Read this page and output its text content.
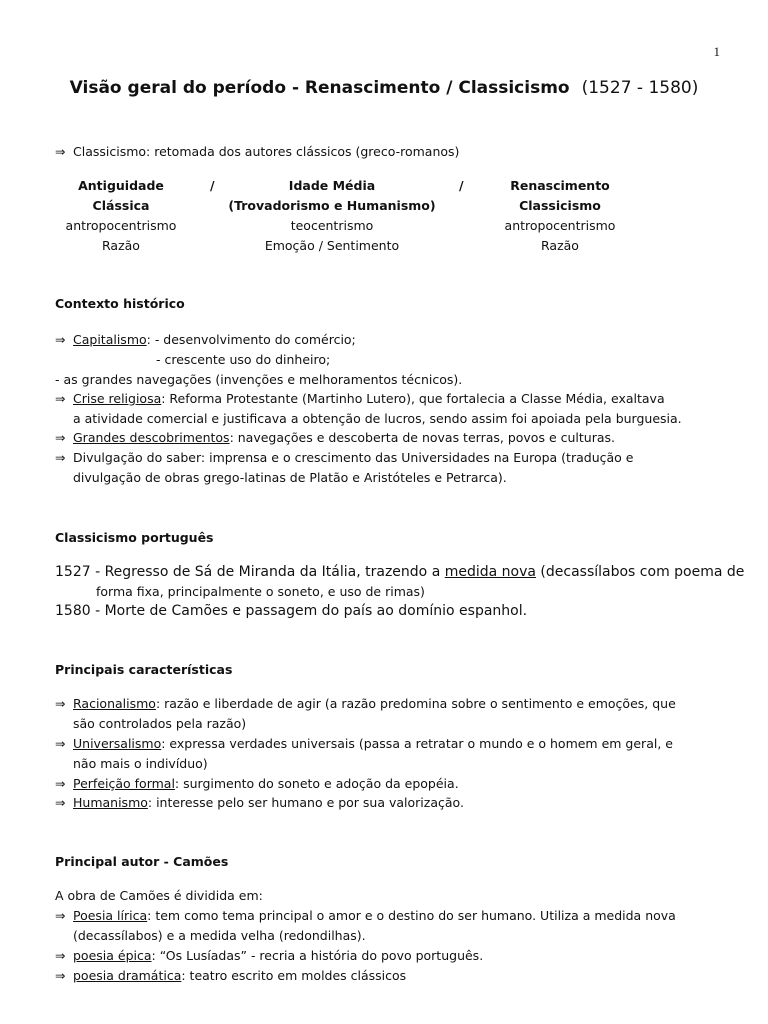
1
Visão geral do período - Renascimento / Classicismo (1527 - 1580)
⇒ Classicismo: retomada dos autores clássicos (greco-romanos)
Antiguidade
Clássica
antropocentrismo
Razão
/	Idade Média
(Trovadorismo e Humanismo)
teocentrismo
Emoção / Sentimento
/	Renascimento
Classicismo
antropocentrismo
Razão
Contexto histórico
⇒ Capitalismo: - desenvolvimento do comércio;
- crescente uso do dinheiro;
- as grandes navegações (invenções e melhoramentos técnicos).
⇒ Crise religiosa: Reforma Protestante (Martinho Lutero), que fortalecia a Classe Média, exaltava
a atividade comercial e justificava a obtenção de lucros, sendo assim foi apoiada pela burguesia.
⇒ Grandes descobrimentos: navegações e descoberta de novas terras, povos e culturas.
⇒ Divulgação do saber: imprensa e o crescimento das Universidades na Europa (tradução e
divulgação de obras grego-latinas de Platão e Aristóteles e Petrarca).
Classicismo português
1527 - Regresso de Sá de Miranda da Itália, trazendo a medida nova (decassílabos com poema de
forma fixa, principalmente o soneto, e uso de rimas)
1580 - Morte de Camões e passagem do país ao domínio espanhol.
Principais características
⇒ Racionalismo: razão e liberdade de agir (a razão predomina sobre o sentimento e emoções, que
são controlados pela razão)
⇒ Universalismo: expressa verdades universais (passa a retratar o mundo e o homem em geral, e
não mais o indivíduo)
⇒ Perfeição formal: surgimento do soneto e adoção da epopéia.
⇒ Humanismo: interesse pelo ser humano e por sua valorização.
Principal autor - Camões
A obra de Camões é dividida em:
⇒ Poesia lírica: tem como tema principal o amor e o destino do ser humano. Utiliza a medida nova
(decassílabos) e a medida velha (redondilhas).
⇒ poesia épica: “Os Lusíadas” - recria a história do povo português.
⇒ poesia dramática: teatro escrito em moldes clássicos
